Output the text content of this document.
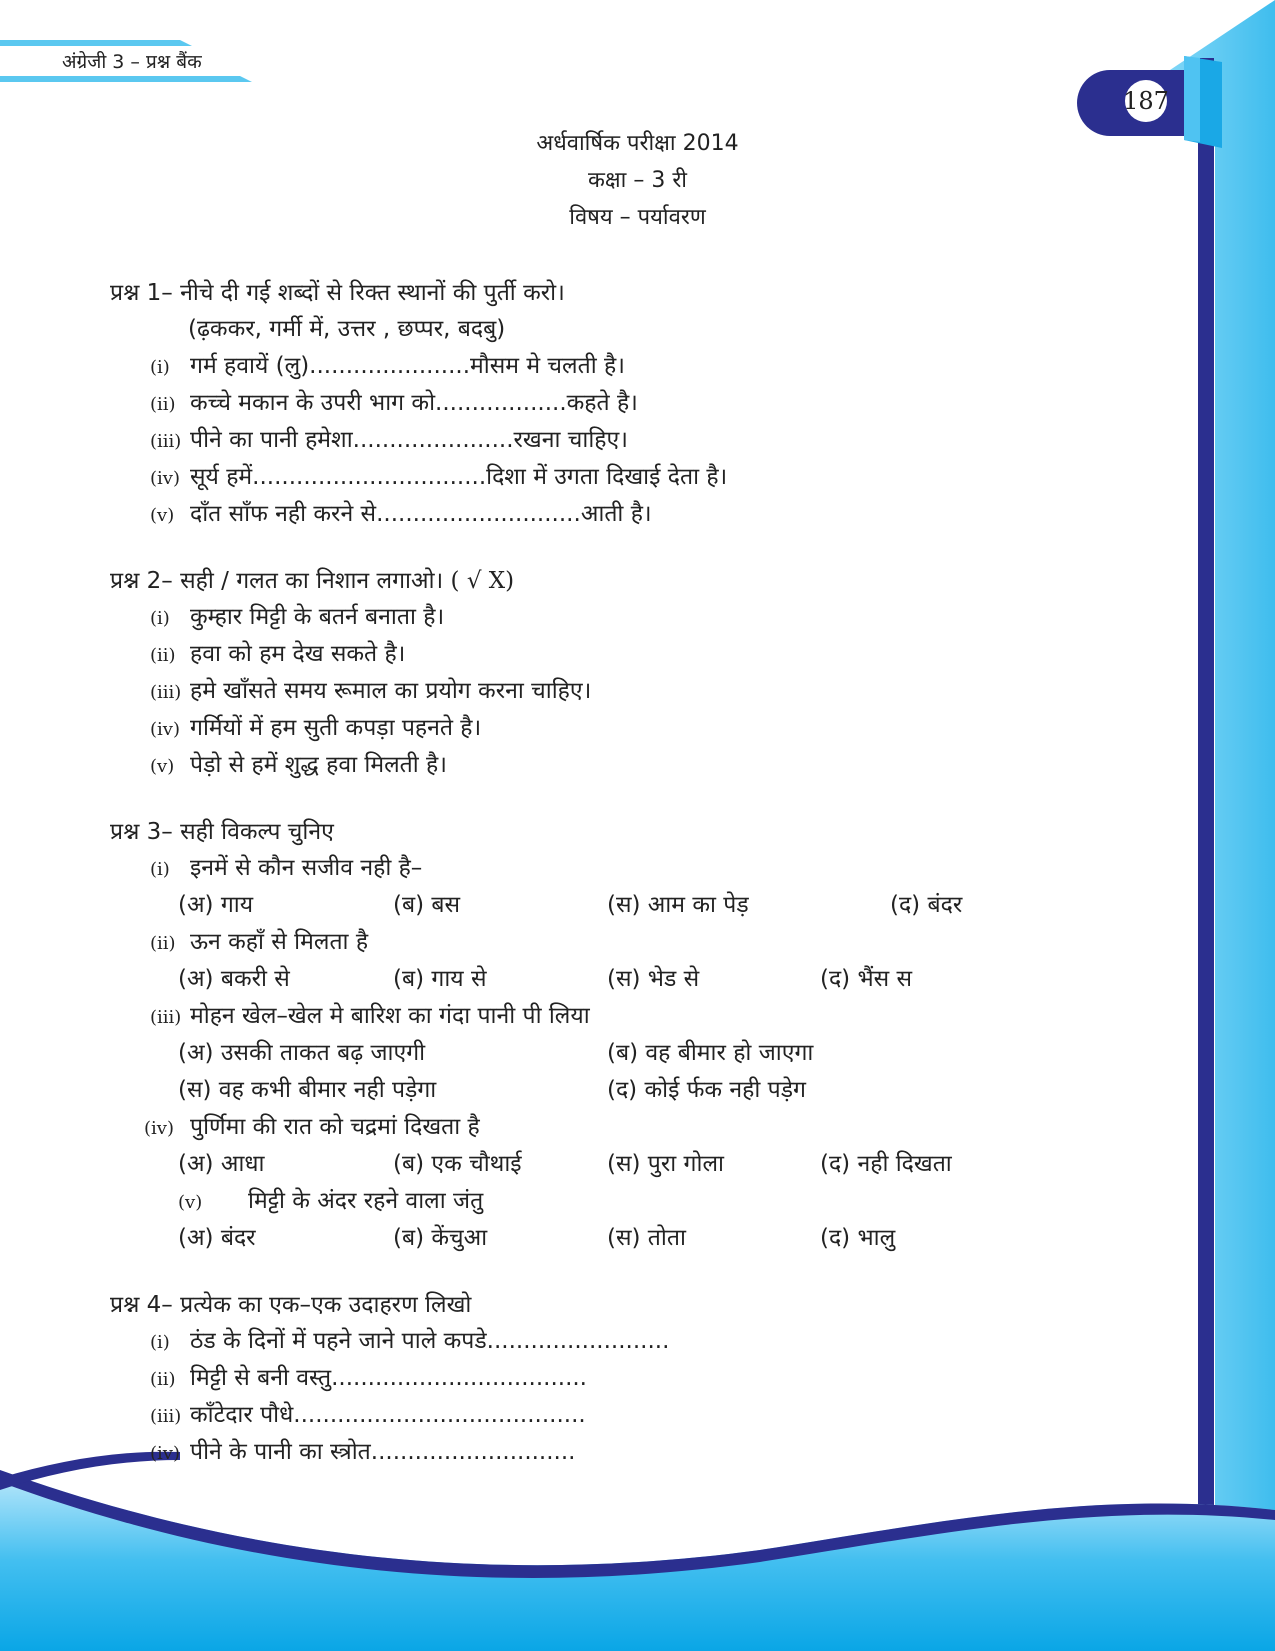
अंग्रेजी 3 – प्रश्न बैंक
187
अर्धवार्षिक परीक्षा 2014
कक्षा – 3 री
विषय – पर्यावरण
प्रश्न 1– नीचे दी गई शब्दों से रिक्त स्थानों की पुर्ती करो।
(ढ़ककर, गर्मी में, उत्तर , छप्पर, बदबु)
(i) गर्म हवायें (लु) ...................... मौसम मे चलती है।
(ii) कच्चे मकान के उपरी भाग को .................. कहते है।
(iii) पीने का पानी हमेशा ...................... रखना चाहिए।
(iv) सूर्य हमें ................................ दिशा में उगता दिखाई देता है।
(v) दाँत साँफ नही करने से ............................ आती है।
प्रश्न 2– सही / गलत का निशान लगाओ। ( √ X)
(i) कुम्हार मिट्टी के बतर्न बनाता है।
(ii) हवा को हम देख सकते है।
(iii) हमे खाँसते समय रूमाल का प्रयोग करना चाहिए।
(iv) गर्मियों में हम सुती कपड़ा पहनते है।
(v) पेड़ो से हमें शुद्ध हवा मिलती है।
प्रश्न 3– सही विकल्प चुनिए
(i) इनमें से कौन सजीव नही है–
(अ) गाय	(ब) बस	(स) आम का पेड़	(द) बंदर
(ii) ऊन कहाँ से मिलता है
(अ) बकरी से	(ब) गाय से	(स) भेड से	(द) भैंस स
(iii) मोहन खेल–खेल मे बारिश का गंदा पानी पी लिया
(अ) उसकी ताकत बढ़ जाएगी	(ब) वह बीमार हो जाएगा
(स) वह कभी बीमार नही पड़ेगा	(द) कोई र्फक नही पड़ेग
(iv) पुर्णिमा की रात को चद्रमां दिखता है
(अ) आधा	(ब) एक चौथाई	(स) पुरा गोला	(द) नही दिखता
(v)	मिट्टी के अंदर रहने वाला जंतु
(अ) बंदर	(ब) केंचुआ	(स) तोता	(द) भालु
प्रश्न 4– प्रत्येक का एक–एक उदाहरण लिखो
(i) ठंड के दिनों में पहने जाने पाले कपडे .........................
(ii) मिट्टी से बनी वस्तु ...................................
(iii) काँटेदार पौधे ........................................
(iv) पीने के पानी का स्त्रोत ............................
